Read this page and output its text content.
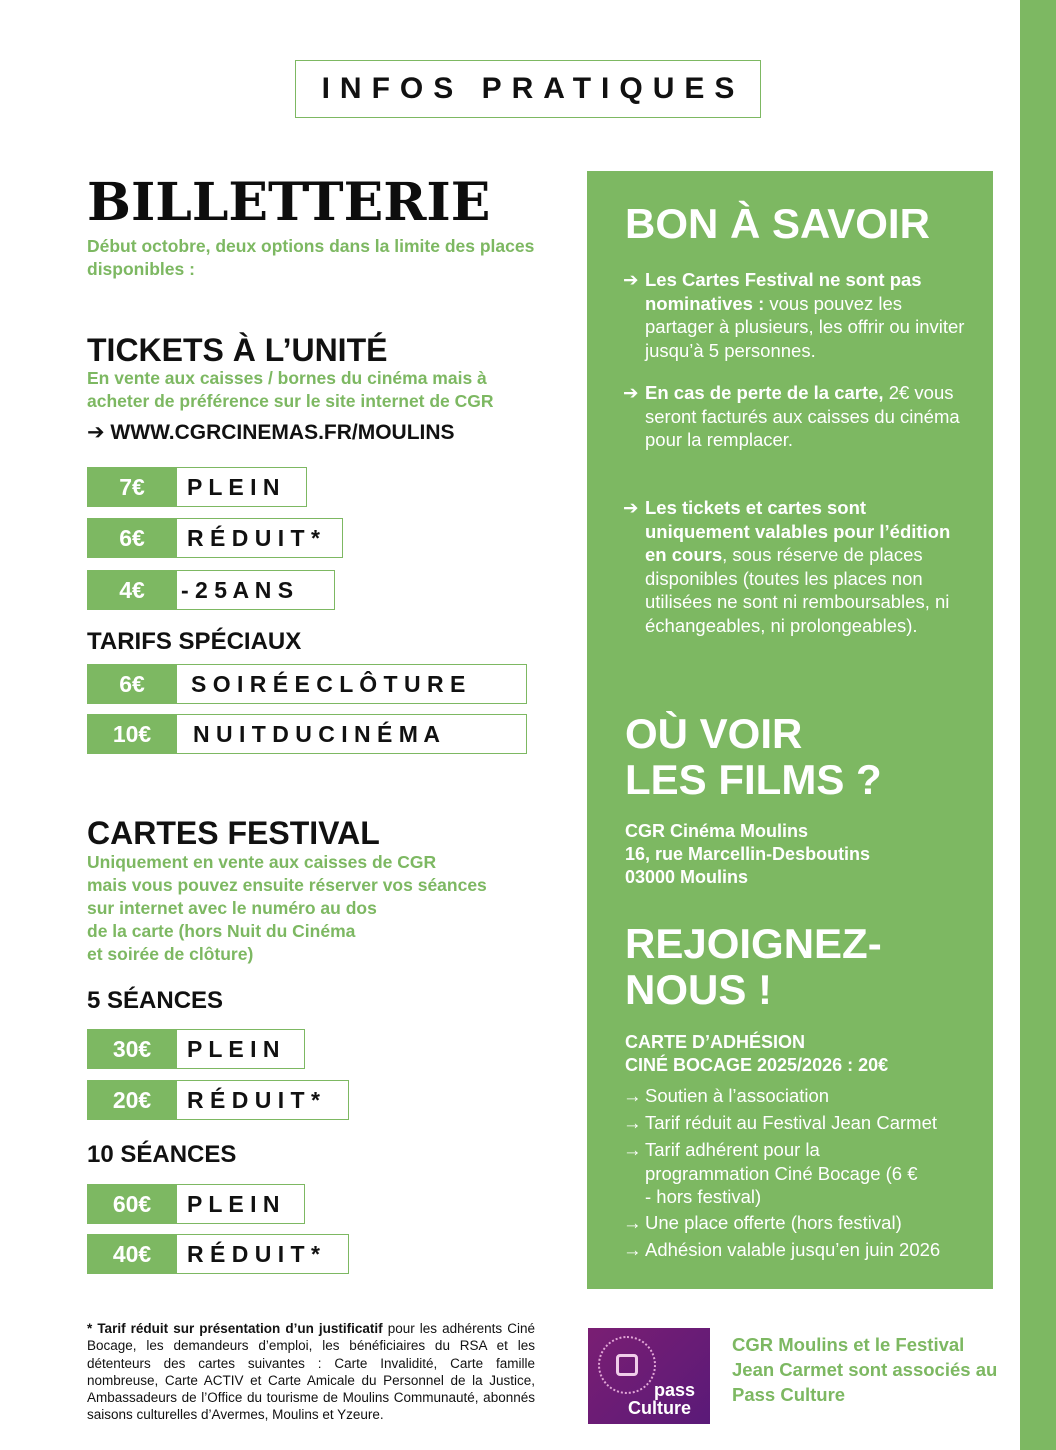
INFOS PRATIQUES
BILLETTERIE
Début octobre, deux options dans la limite des places disponibles :
TICKETS À L’UNITÉ
En vente aux caisses / bornes du cinéma mais à acheter de préférence sur le site internet de CGR
➔ WWW.CGRCINEMAS.FR/MOULINS
7€	P L E I N
6€	R É D U I T *
4€	- 2 5 A N S
TARIFS SPÉCIAUX
6€	S O I R É E C L Ô T U R E
10€	N U I T D U C I N É M A
CARTES FESTIVAL
Uniquement en vente aux caisses de CGR
mais vous pouvez ensuite réserver vos séances
sur internet avec le numéro au dos
de la carte (hors Nuit du Cinéma
et soirée de clôture)
5 SÉANCES
30€	P L E I N
20€	R É D U I T *
10 SÉANCES
60€	P L E I N
40€	R É D U I T *
* Tarif réduit sur présentation d’un justificatif pour les adhérents Ciné Bocage, les demandeurs d’emploi, les bénéficiaires du RSA et les détenteurs des cartes suivantes : Carte Invalidité, Carte famille nombreuse, Carte ACTIV et Carte Amicale du Personnel de la Justice, Ambassadeurs de l’Office du tourisme de Moulins Communauté, abonnés saisons culturelles d’Avermes, Moulins et Yzeure.
BON À SAVOIR
➔ Les Cartes Festival ne sont pas nominatives : vous pouvez les partager à plusieurs, les offrir ou inviter jusqu’à 5 personnes.
➔ En cas de perte de la carte, 2€ vous seront facturés aux caisses du cinéma pour la remplacer.
➔ Les tickets et cartes sont uniquement valables pour l’édition en cours, sous réserve de places disponibles (toutes les places non utilisées ne sont ni remboursables, ni échangeables, ni prolongeables).
OÙ VOIR
LES FILMS ?
CGR Cinéma Moulins
16, rue Marcellin-Desboutins
03000 Moulins
REJOIGNEZ-
NOUS !
CARTE D’ADHÉSION
CINÉ BOCAGE 2025/2026 : 20€
→ Soutien à l’association
→ Tarif réduit au Festival Jean Carmet
→ Tarif adhérent pour la programmation Ciné Bocage (6 € - hors festival)
→ Une place offerte (hors festival)
→ Adhésion valable jusqu’en juin 2026
pass
Culture
CGR Moulins et le Festival Jean Carmet sont associés au Pass Culture
